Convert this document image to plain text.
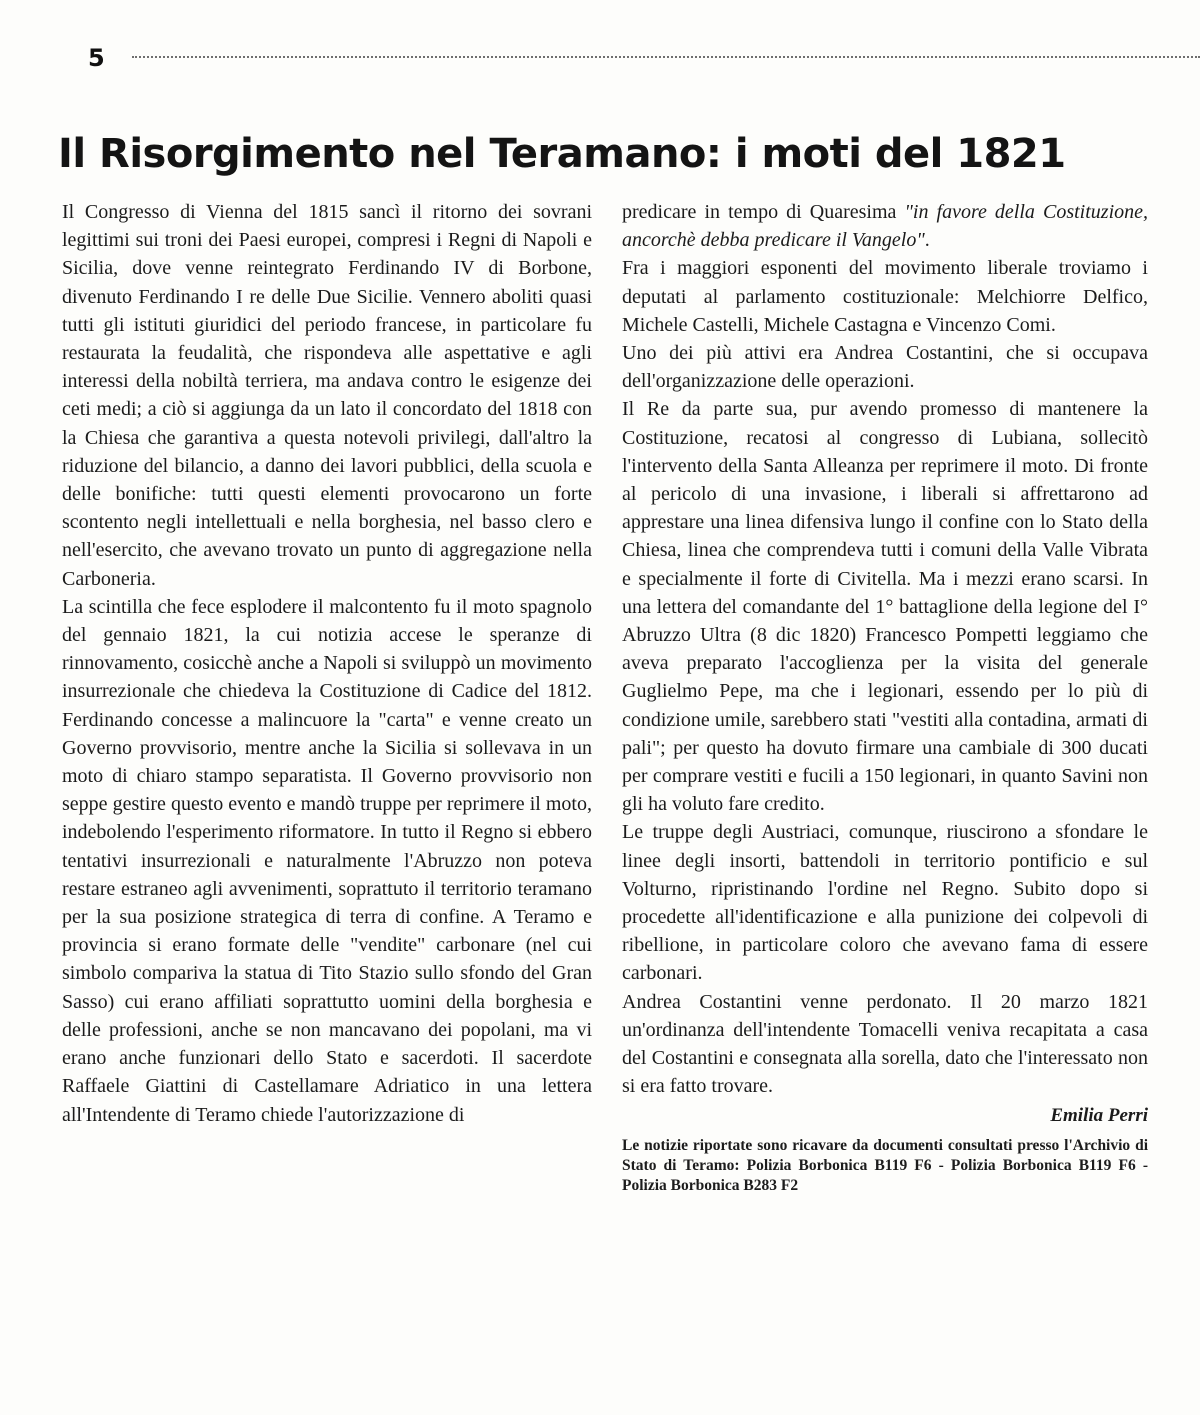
5
Il Risorgimento nel Teramano: i moti del 1821

Il Congresso di Vienna del 1815 sancì il ritorno dei sovrani legittimi sui troni dei Paesi europei, compresi i Regni di Napoli e Sicilia, dove venne reintegrato Ferdinando IV di Borbone, divenuto Ferdinando I re delle Due Sicilie. Vennero aboliti quasi tutti gli istituti giuridici del periodo francese, in particolare fu restaurata la feudalità, che rispondeva alle aspettative e agli interessi della nobiltà terriera, ma andava contro le esigenze dei ceti medi; a ciò si aggiunga da un lato il concordato del 1818 con la Chiesa che garantiva a questa notevoli privilegi, dall'altro la riduzione del bilancio, a danno dei lavori pubblici, della scuola e delle bonifiche: tutti questi elementi provocarono un forte scontento negli intellettuali e nella borghesia, nel basso clero e nell'esercito, che avevano trovato un punto di aggregazione nella Carboneria.

La scintilla che fece esplodere il malcontento fu il moto spagnolo del gennaio 1821, la cui notizia accese le speranze di rinnovamento, cosicchè anche a Napoli si sviluppò un movimento insurrezionale che chiedeva la Costituzione di Cadice del 1812. Ferdinando concesse a malincuore la "carta" e venne creato un Governo provvisorio, mentre anche la Sicilia si sollevava in un moto di chiaro stampo separatista. Il Governo provvisorio non seppe gestire questo evento e mandò truppe per reprimere il moto, indebolendo l'esperimento riformatore. In tutto il Regno si ebbero tentativi insurrezionali e naturalmente l'Abruzzo non poteva restare estraneo agli avvenimenti, soprattuto il territorio teramano per la sua posizione strategica di terra di confine. A Teramo e provincia si erano formate delle "vendite" carbonare (nel cui simbolo compariva la statua di Tito Stazio sullo sfondo del Gran Sasso) cui erano affiliati soprattutto uomini della borghesia e delle professioni, anche se non mancavano dei popolani, ma vi erano anche funzionari dello Stato e sacerdoti. Il sacerdote Raffaele Giattini di Castellamare Adriatico in una lettera all'Intendente di Teramo chiede l'autorizzazione di

predicare in tempo di Quaresima "in favore della Costituzione, ancorchè debba predicare il Vangelo".

Fra i maggiori esponenti del movimento liberale troviamo i deputati al parlamento costituzionale: Melchiorre Delfico, Michele Castelli, Michele Castagna e Vincenzo Comi.

Uno dei più attivi era Andrea Costantini, che si occupava dell'organizzazione delle operazioni.

Il Re da parte sua, pur avendo promesso di mantenere la Costituzione, recatosi al congresso di Lubiana, sollecitò l'intervento della Santa Alleanza per reprimere il moto. Di fronte al pericolo di una invasione, i liberali si affrettarono ad apprestare una linea difensiva lungo il confine con lo Stato della Chiesa, linea che comprendeva tutti i comuni della Valle Vibrata e specialmente il forte di Civitella. Ma i mezzi erano scarsi. In una lettera del comandante del 1° battaglione della legione del I° Abruzzo Ultra (8 dic 1820) Francesco Pompetti leggiamo che aveva preparato l'accoglienza per la visita del generale Guglielmo Pepe, ma che i legionari, essendo per lo più di condizione umile, sarebbero stati "vestiti alla contadina, armati di pali"; per questo ha dovuto firmare una cambiale di 300 ducati per comprare vestiti e fucili a 150 legionari, in quanto Savini non gli ha voluto fare credito.

Le truppe degli Austriaci, comunque, riuscirono a sfondare le linee degli insorti, battendoli in territorio pontificio e sul Volturno, ripristinando l'ordine nel Regno. Subito dopo si procedette all'identificazione e alla punizione dei colpevoli di ribellione, in particolare coloro che avevano fama di essere carbonari.

Andrea Costantini venne perdonato. Il 20 marzo 1821 un'ordinanza dell'intendente Tomacelli veniva recapitata a casa del Costantini e consegnata alla sorella, dato che l'interessato non si era fatto trovare.

Emilia Perri
Le notizie riportate sono ricavare da documenti consultati presso l'Archivio di Stato di Teramo: Polizia Borbonica B119 F6 - Polizia Borbonica B119 F6 - Polizia Borbonica B283 F2
